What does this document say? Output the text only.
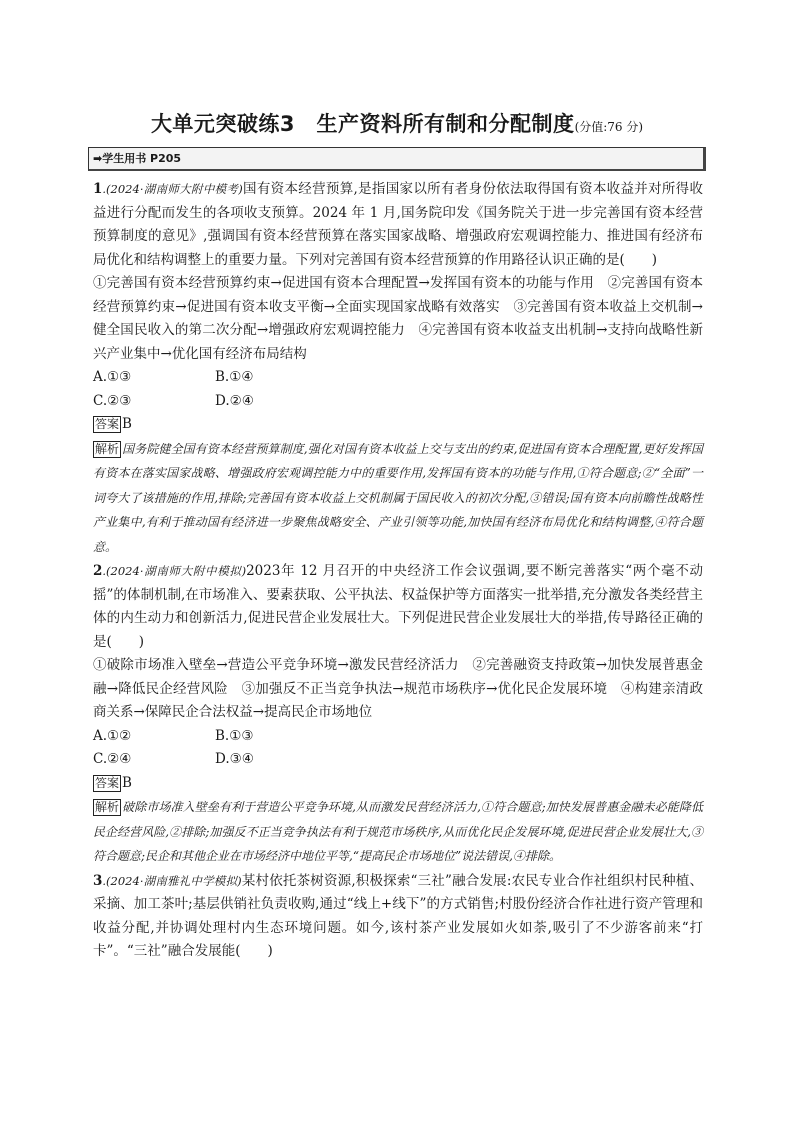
大单元突破练3　生产资料所有制和分配制度(分值:76 分)
➡学生用书 P205

1.(2024·湖南师大附中模考)国有资本经营预算,是指国家以所有者身份依法取得国有资本收益并对所得收益进行分配而发生的各项收支预算。2024 年 1 月,国务院印发《国务院关于进一步完善国有资本经营预算制度的意见》,强调国有资本经营预算在落实国家战略、增强政府宏观调控能力、推进国有经济布局优化和结构调整上的重要力量。下列对完善国有资本经营预算的作用路径认识正确的是(　　)

①完善国有资本经营预算约束→促进国有资本合理配置→发挥国有资本的功能与作用　②完善国有资本经营预算约束→促进国有资本收支平衡→全面实现国家战略有效落实　③完善国有资本收益上交机制→健全国民收入的第二次分配→增强政府宏观调控能力　④完善国有资本收益支出机制→支持向战略性新兴产业集中→优化国有经济布局结构

A.①③	B.①④
C.②③	D.②④

答案 B

解析 国务院健全国有资本经营预算制度,强化对国有资本收益上交与支出的约束,促进国有资本合理配置,更好发挥国有资本在落实国家战略、增强政府宏观调控能力中的重要作用,发挥国有资本的功能与作用,①符合题意;②“全面”一词夸大了该措施的作用,排除;完善国有资本收益上交机制属于国民收入的初次分配,③错误;国有资本向前瞻性战略性产业集中,有利于推动国有经济进一步聚焦战略安全、产业引领等功能,加快国有经济布局优化和结构调整,④符合题意。

2.(2024·湖南师大附中模拟)2023年 12 月召开的中央经济工作会议强调,要不断完善落实“两个毫不动摇”的体制机制,在市场准入、要素获取、公平执法、权益保护等方面落实一批举措,充分激发各类经营主体的内生动力和创新活力,促进民营企业发展壮大。下列促进民营企业发展壮大的举措,传导路径正确的是(　　)

①破除市场准入壁垒→营造公平竞争环境→激发民营经济活力　②完善融资支持政策→加快发展普惠金融→降低民企经营风险　③加强反不正当竞争执法→规范市场秩序→优化民企发展环境　④构建亲清政商关系→保障民企合法权益→提高民企市场地位

A.①②	B.①③
C.②④	D.③④

答案 B

解析 破除市场准入壁垒有利于营造公平竞争环境,从而激发民营经济活力,①符合题意;加快发展普惠金融未必能降低民企经营风险,②排除;加强反不正当竞争执法有利于规范市场秩序,从而优化民企发展环境,促进民营企业发展壮大,③符合题意;民企和其他企业在市场经济中地位平等,“提高民企市场地位”说法错误,④排除。

3.(2024·湖南雅礼中学模拟)某村依托茶树资源,积极探索“三社”融合发展:农民专业合作社组织村民种植、采摘、加工茶叶;基层供销社负责收购,通过“线上+线下”的方式销售;村股份经济合作社进行资产管理和收益分配,并协调处理村内生态环境问题。如今,该村茶产业发展如火如荼,吸引了不少游客前来“打卡”。“三社”融合发展能(　　)
